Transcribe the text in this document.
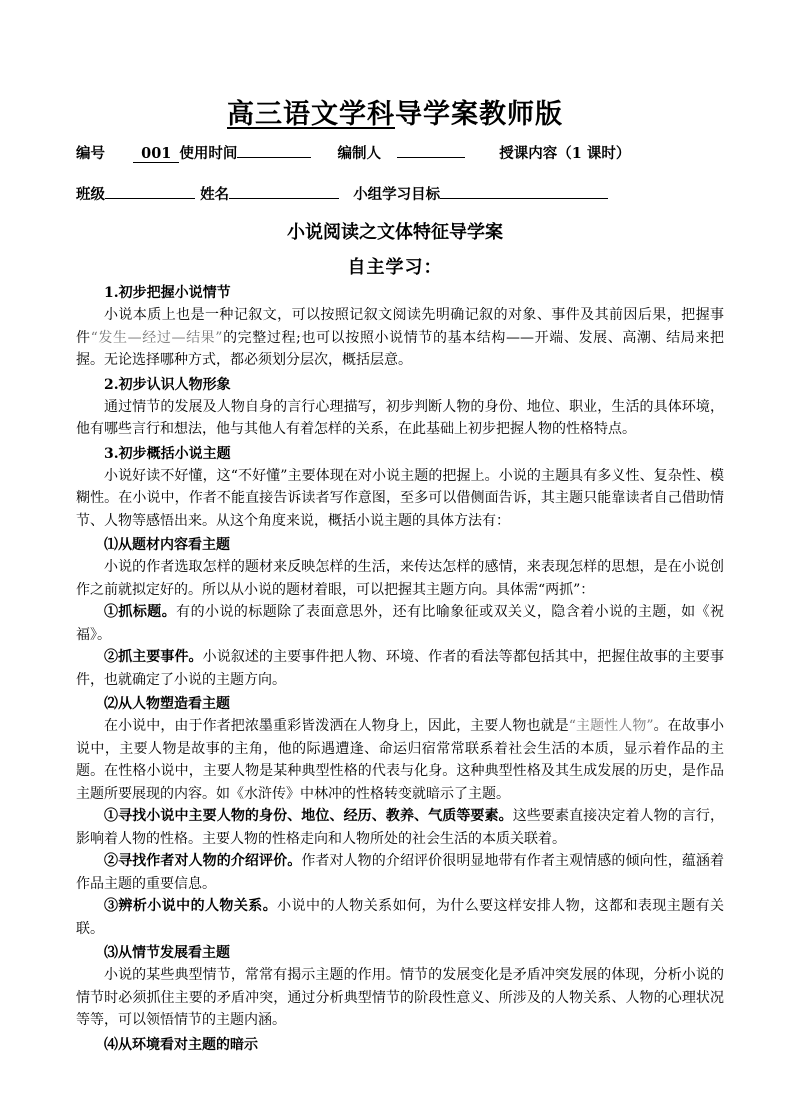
高三语文学科导学案教师版
编号 001 使用时间	编制人	授课内容（1 课时）
班级	姓名	小组学习目标
小说阅读之文体特征导学案
自主学习：
1.初步把握小说情节

小说本质上也是一种记叙文，可以按照记叙文阅读先明确记叙的对象、事件及其前因后果，把握事件“发生—经过—结果”的完整过程;也可以按照小说情节的基本结构——开端、发展、高潮、结局来把握。无论选择哪种方式，都必须划分层次，概括层意。

2.初步认识人物形象

通过情节的发展及人物自身的言行心理描写，初步判断人物的身份、地位、职业，生活的具体环境，他有哪些言行和想法，他与其他人有着怎样的关系，在此基础上初步把握人物的性格特点。

3.初步概括小说主题

小说好读不好懂，这“不好懂”主要体现在对小说主题的把握上。小说的主题具有多义性、复杂性、模糊性。在小说中，作者不能直接告诉读者写作意图，至多可以借侧面告诉，其主题只能靠读者自己借助情节、人物等感悟出来。从这个角度来说，概括小说主题的具体方法有：

⑴从题材内容看主题

小说的作者选取怎样的题材来反映怎样的生活，来传达怎样的感情，来表现怎样的思想，是在小说创作之前就拟定好的。所以从小说的题材着眼，可以把握其主题方向。具体需“两抓”：

①抓标题。有的小说的标题除了表面意思外，还有比喻象征或双关义，隐含着小说的主题，如《祝福》。

②抓主要事件。小说叙述的主要事件把人物、环境、作者的看法等都包括其中，把握住故事的主要事件，也就确定了小说的主题方向。

⑵从人物塑造看主题

在小说中，由于作者把浓墨重彩皆泼洒在人物身上，因此，主要人物也就是“主题性人物”。在故事小说中，主要人物是故事的主角，他的际遇遭逢、命运归宿常常联系着社会生活的本质，显示着作品的主题。在性格小说中，主要人物是某种典型性格的代表与化身。这种典型性格及其生成发展的历史，是作品主题所要展现的内容。如《水浒传》中林冲的性格转变就暗示了主题。

①寻找小说中主要人物的身份、地位、经历、教养、气质等要素。这些要素直接决定着人物的言行，影响着人物的性格。主要人物的性格走向和人物所处的社会生活的本质关联着。

②寻找作者对人物的介绍评价。作者对人物的介绍评价很明显地带有作者主观情感的倾向性，蕴涵着作品主题的重要信息。

③辨析小说中的人物关系。小说中的人物关系如何，为什么要这样安排人物，这都和表现主题有关联。

⑶从情节发展看主题

小说的某些典型情节，常常有揭示主题的作用。情节的发展变化是矛盾冲突发展的体现，分析小说的情节时必须抓住主要的矛盾冲突，通过分析典型情节的阶段性意义、所涉及的人物关系、人物的心理状况等等，可以领悟情节的主题内涵。

⑷从环境看对主题的暗示
